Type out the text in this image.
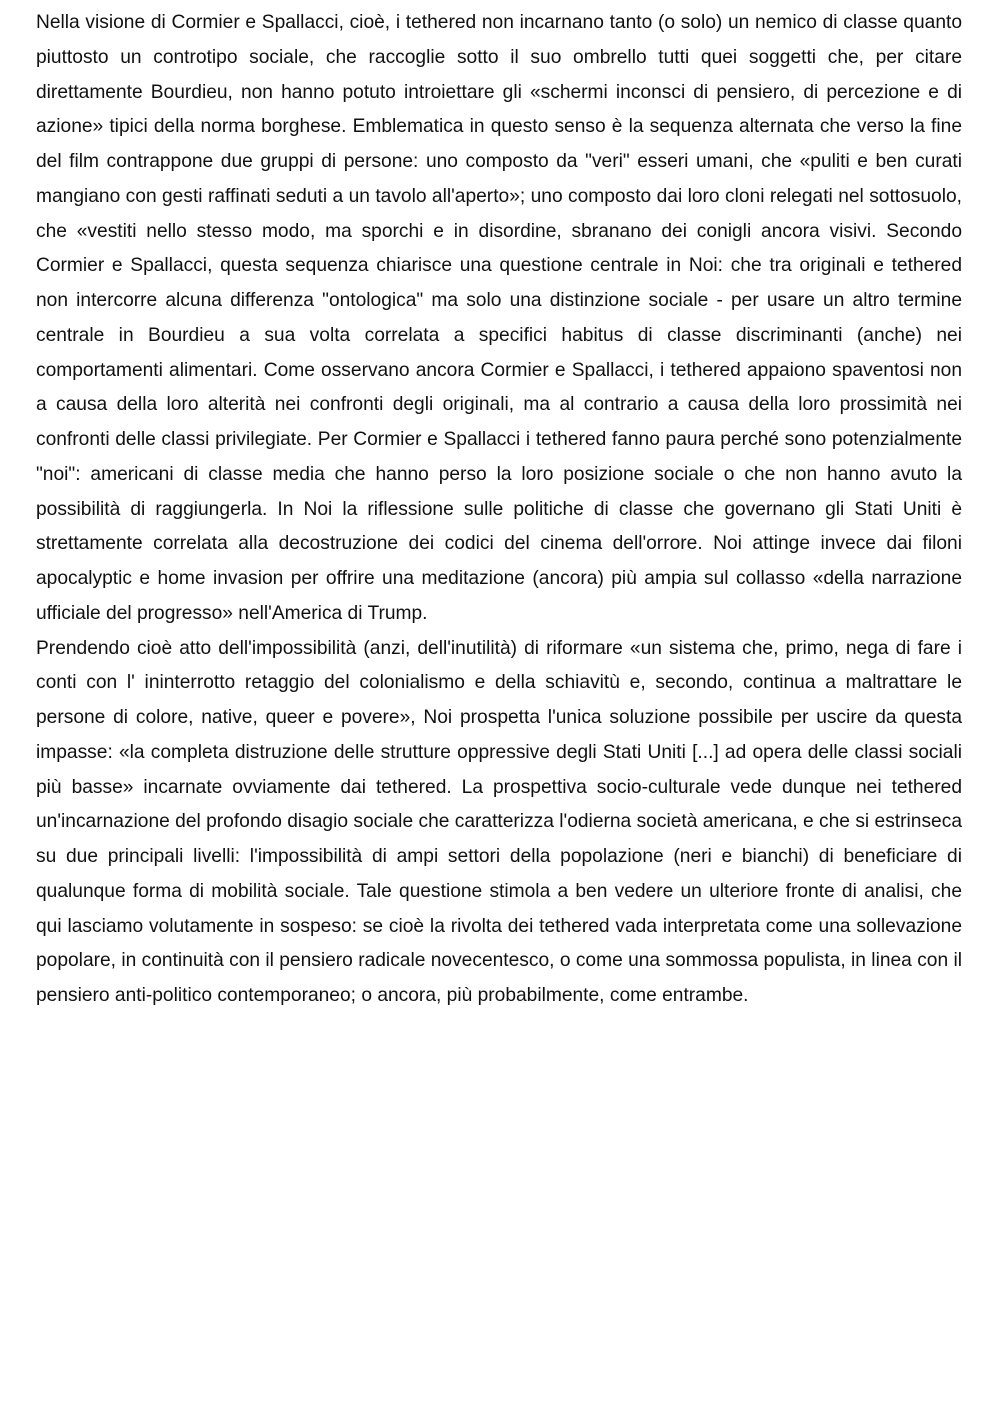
Nella visione di Cormier e Spallacci, cioè, i tethered non incarnano tanto (o solo) un nemico di classe quanto piuttosto un controtipo sociale, che raccoglie sotto il suo ombrello tutti quei soggetti che, per citare direttamente Bourdieu, non hanno potuto introiettare gli «schermi inconsci di pensiero, di percezione e di azione» tipici della norma borghese. Emblematica in questo senso è la sequenza alternata che verso la fine del film contrappone due gruppi di persone: uno composto da "veri" esseri umani, che «puliti e ben curati mangiano con gesti raffinati seduti a un tavolo all'aperto»; uno composto dai loro cloni relegati nel sottosuolo, che «vestiti nello stesso modo, ma sporchi e in disordine, sbranano dei conigli ancora visivi. Secondo Cormier e Spallacci, questa sequenza chiarisce una questione centrale in Noi: che tra originali e tethered non intercorre alcuna differenza "ontologica" ma solo una distinzione sociale - per usare un altro termine centrale in Bourdieu a sua volta correlata a specifici habitus di classe discriminanti (anche) nei comportamenti alimentari. Come osservano ancora Cormier e Spallacci, i tethered appaiono spaventosi non a causa della loro alterità nei confronti degli originali, ma al contrario a causa della loro prossimità nei confronti delle classi privilegiate. Per Cormier e Spallacci i tethered fanno paura perché sono potenzialmente "noi": americani di classe media che hanno perso la loro posizione sociale o che non hanno avuto la possibilità di raggiungerla. In Noi la riflessione sulle politiche di classe che governano gli Stati Uniti è strettamente correlata alla decostruzione dei codici del cinema dell'orrore. Noi attinge invece dai filoni apocalyptic e home invasion per offrire una meditazione (ancora) più ampia sul collasso «della narrazione ufficiale del progresso» nell'America di Trump.

Prendendo cioè atto dell'impossibilità (anzi, dell'inutilità) di riformare «un sistema che, primo, nega di fare i conti con l' ininterrotto retaggio del colonialismo e della schiavitù e, secondo, continua a maltrattare le persone di colore, native, queer e povere», Noi prospetta l'unica soluzione possibile per uscire da questa impasse: «la completa distruzione delle strutture oppressive degli Stati Uniti [...] ad opera delle classi sociali più basse» incarnate ovviamente dai tethered. La prospettiva socio-culturale vede dunque nei tethered un'incarnazione del profondo disagio sociale che caratterizza l'odierna società americana, e che si estrinseca su due principali livelli: l'impossibilità di ampi settori della popolazione (neri e bianchi) di beneficiare di qualunque forma di mobilità sociale. Tale questione stimola a ben vedere un ulteriore fronte di analisi, che qui lasciamo volutamente in sospeso: se cioè la rivolta dei tethered vada interpretata come una sollevazione popolare, in continuità con il pensiero radicale novecentesco, o come una sommossa populista, in linea con il pensiero anti-politico contemporaneo; o ancora, più probabilmente, come entrambe.
